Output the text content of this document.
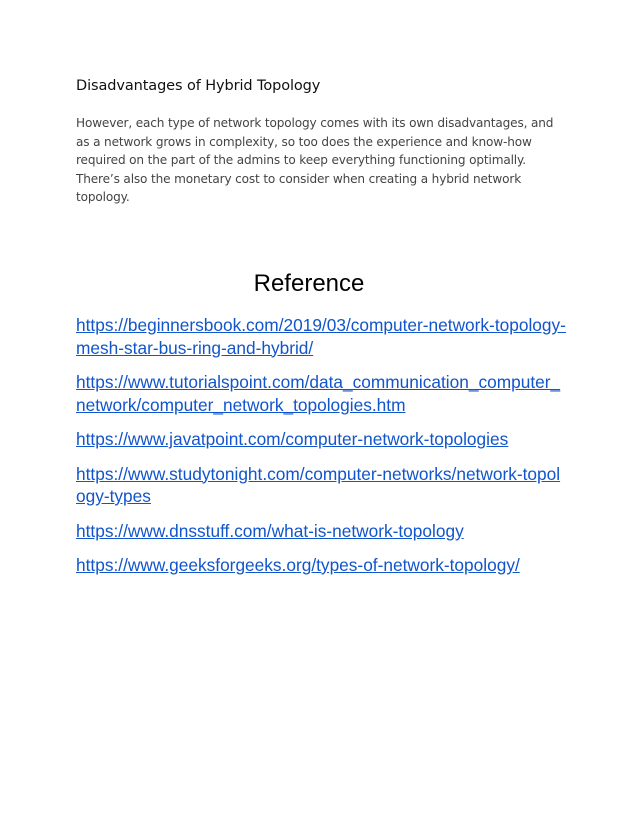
Disadvantages of Hybrid Topology

However, each type of network topology comes with its own disadvantages, and as a network grows in complexity, so too does the experience and know-how required on the part of the admins to keep everything functioning optimally. There’s also the monetary cost to consider when creating a hybrid network topology.

Reference
https://beginnersbook.com/2019/03/computer-network-topology-mesh-star-bus-ring-and-hybrid/
https://www.tutorialspoint.com/data_communication_computer_network/computer_network_topologies.htm
https://www.javatpoint.com/computer-network-topologies
https://www.studytonight.com/computer-networks/network-topology-types
https://www.dnsstuff.com/what-is-network-topology
https://www.geeksforgeeks.org/types-of-network-topology/
